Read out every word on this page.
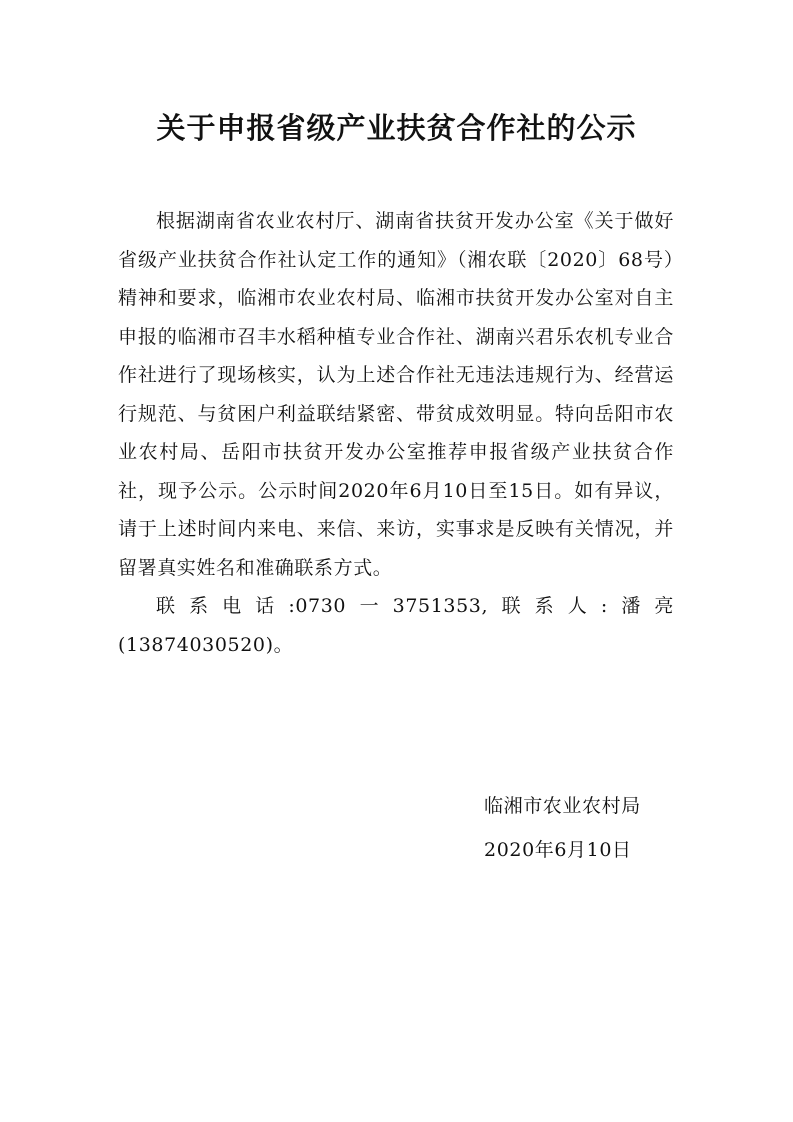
关于申报省级产业扶贫合作社的公示

根据湖南省农业农村厅、湖南省扶贫开发办公室《关于做好省级产业扶贫合作社认定工作的通知》（湘农联〔2020〕68号）精神和要求，临湘市农业农村局、临湘市扶贫开发办公室对自主申报的临湘市召丰水稻种植专业合作社、湖南兴君乐农机专业合作社进行了现场核实，认为上述合作社无违法违规行为、经营运行规范、与贫困户利益联结紧密、带贫成效明显。特向岳阳市农业农村局、岳阳市扶贫开发办公室推荐申报省级产业扶贫合作社，现予公示。公示时间2020年6月10日至15日。如有异议，请于上述时间内来电、来信、来访，实事求是反映有关情况，并留署真实姓名和准确联系方式。

联系电话:0730一3751353,联系人:潘亮(13874030520)。

临湘市农业农村局
2020年6月10日
